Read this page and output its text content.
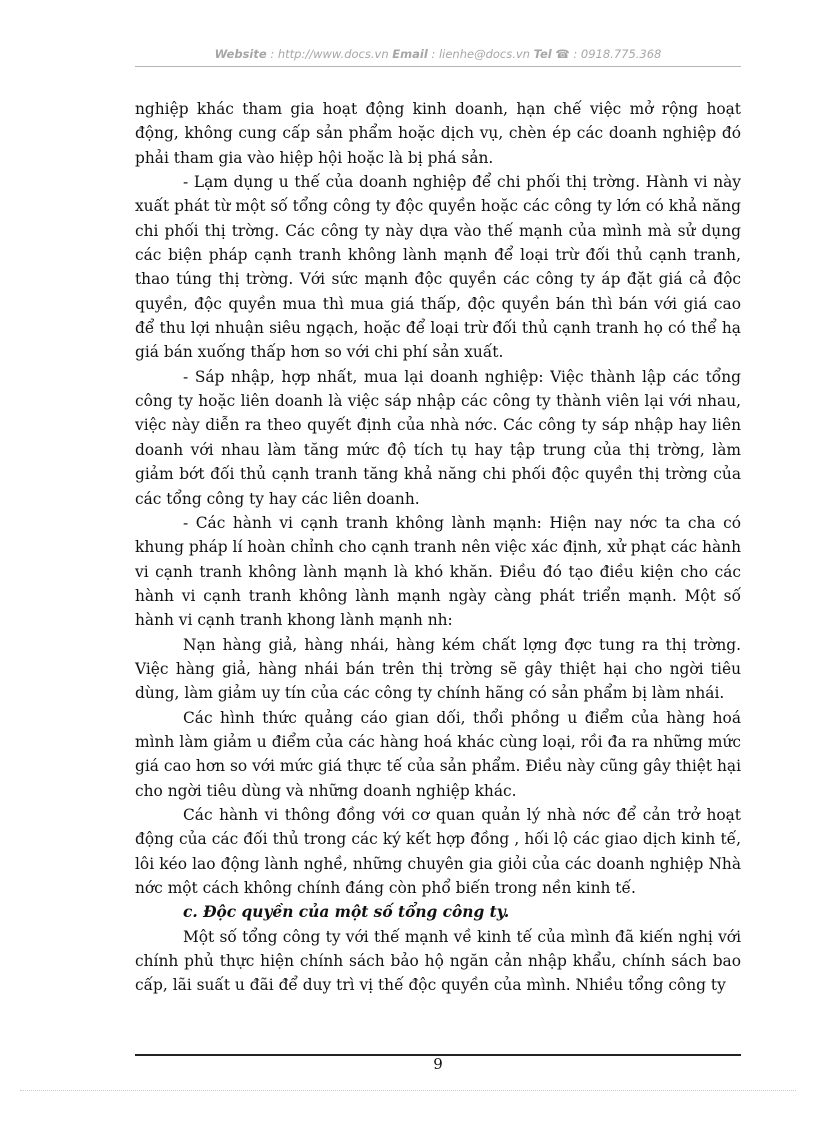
Website : http://www.docs.vn Email : lienhe@docs.vn Tel ☎ : 0918.775.368

nghiệp khác tham gia hoạt động kinh doanh, hạn chế việc mở rộng hoạt động, không cung cấp sản phẩm hoặc dịch vụ, chèn ép các doanh nghiệp đó phải tham gia vào hiệp hội hoặc là bị phá sản.

- Lạm dụng u thế của doanh nghiệp để chi phối thị trờng. Hành vi này xuất phát từ một số tổng công ty độc quyền hoặc các công ty lớn có khả năng chi phối thị trờng. Các công ty này dựa vào thế mạnh của mình mà sử dụng các biện pháp cạnh tranh không lành mạnh để loại trừ đối thủ cạnh tranh, thao túng thị trờng. Với sức mạnh độc quyền các công ty áp đặt giá cả độc quyền, độc quyền mua thì mua giá thấp, độc quyền bán thì bán với giá cao để thu lợi nhuận siêu ngạch, hoặc để loại trừ đối thủ cạnh tranh họ có thể hạ giá bán xuống thấp hơn so với chi phí sản xuất.

- Sáp nhập, hợp nhất, mua lại doanh nghiệp: Việc thành lập các tổng công ty hoặc liên doanh là việc sáp nhập các công ty thành viên lại với nhau, việc này diễn ra theo quyết định của nhà nớc. Các công ty sáp nhập hay liên doanh với nhau làm tăng mức độ tích tụ hay tập trung của thị trờng, làm giảm bớt đối thủ cạnh tranh tăng khả năng chi phối độc quyền thị trờng của các tổng công ty hay các liên doanh.

- Các hành vi cạnh tranh không lành mạnh: Hiện nay nớc ta cha có khung pháp lí hoàn chỉnh cho cạnh tranh nên việc xác định, xử phạt các hành vi cạnh tranh không lành mạnh là khó khăn. Điều đó tạo điều kiện cho các hành vi cạnh tranh không lành mạnh ngày càng phát triển mạnh. Một số hành vi cạnh tranh khong lành mạnh nh:

Nạn hàng giả, hàng nhái, hàng kém chất lợng đợc tung ra thị trờng. Việc hàng giả, hàng nhái bán trên thị trờng sẽ gây thiệt hại cho ngời tiêu dùng, làm giảm uy tín của các công ty chính hãng có sản phẩm bị làm nhái.

Các hình thức quảng cáo gian dối, thổi phồng u điểm của hàng hoá mình làm giảm u điểm của các hàng hoá khác cùng loại, rồi đa ra những mức giá cao hơn so với mức giá thực tế của sản phẩm. Điều này cũng gây thiệt hại cho ngời tiêu dùng và những doanh nghiệp khác.

Các hành vi thông đồng với cơ quan quản lý nhà nớc để cản trở hoạt động của các đối thủ trong các ký kết hợp đồng , hối lộ các giao dịch kinh tế, lôi kéo lao động lành nghề, những chuyên gia giỏi của các doanh nghiệp Nhà nớc một cách không chính đáng còn phổ biến trong nền kinh tế.

c. Độc quyền của một số tổng công ty.

Một số tổng công ty với thế mạnh về kinh tế của mình đã kiến nghị với chính phủ thực hiện chính sách bảo hộ ngăn cản nhập khẩu, chính sách bao cấp, lãi suất u đãi để duy trì vị thế độc quyền của mình. Nhiều tổng công ty

9
